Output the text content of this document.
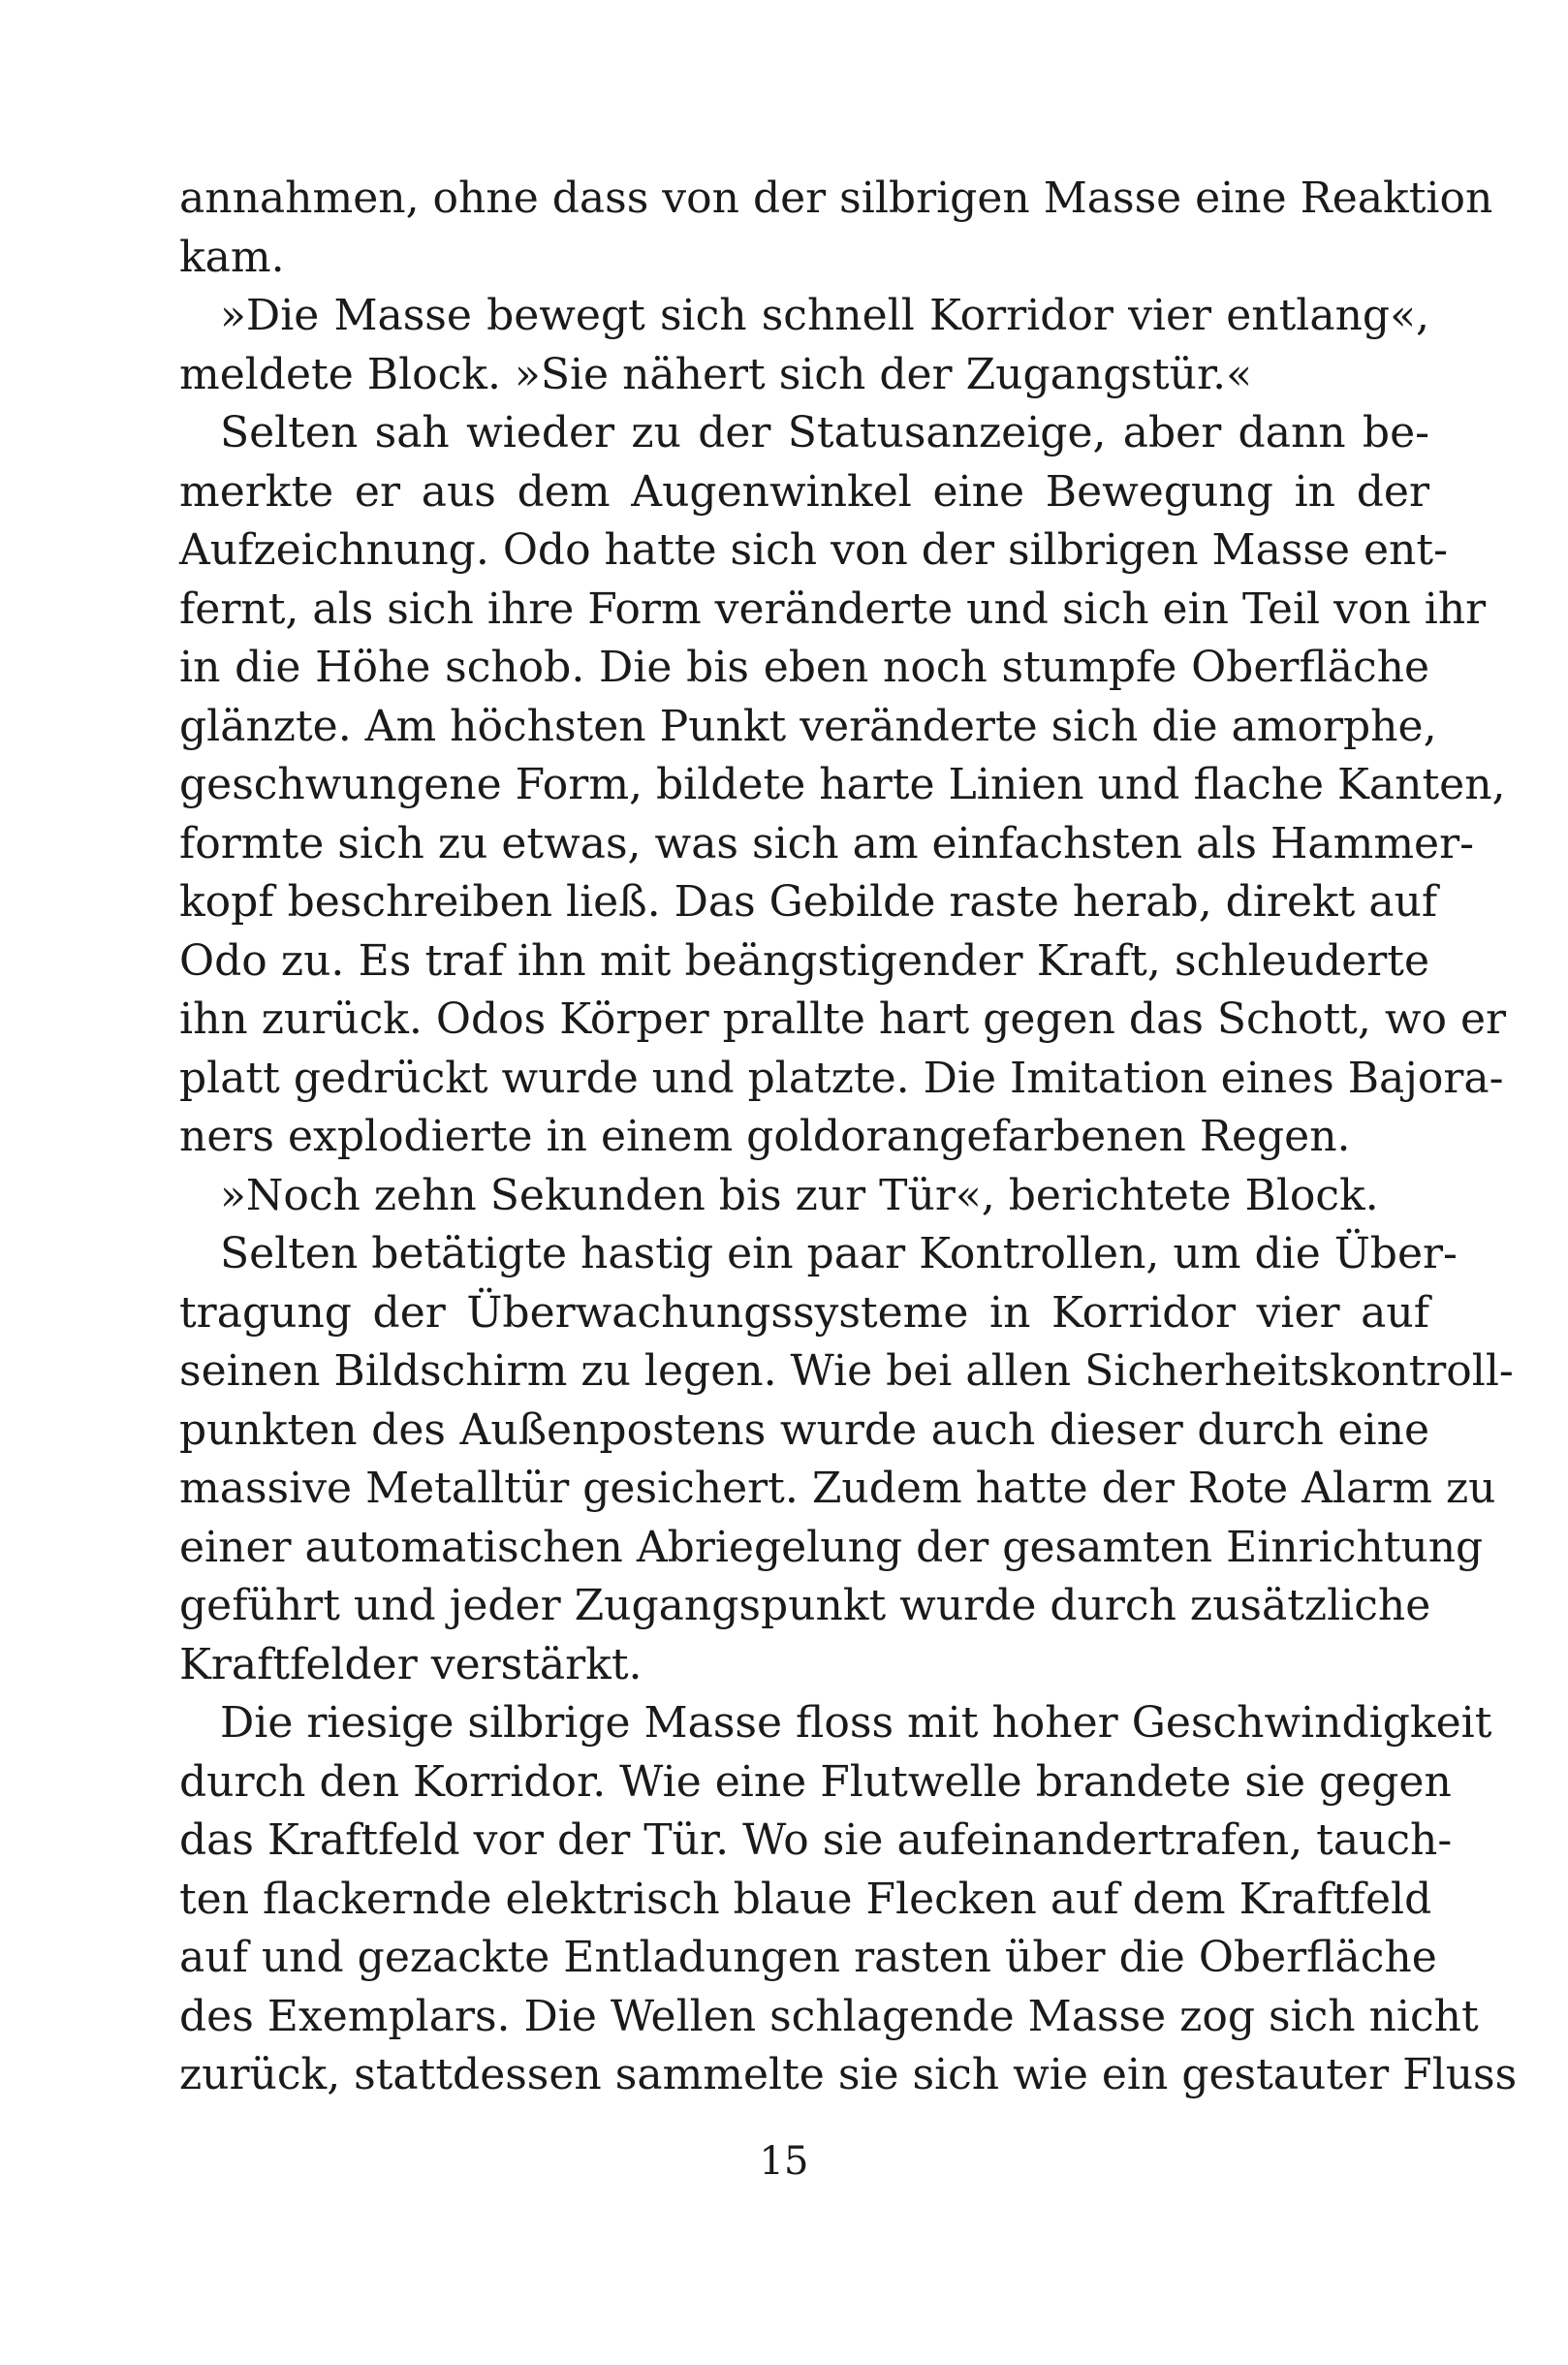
annahmen, ohne dass von der silbrigen Masse eine Reaktion
kam.
»Die Masse bewegt sich schnell Korridor vier entlang«,
meldete Block. »Sie nähert sich der Zugangstür.«
Selten sah wieder zu der Statusanzeige, aber dann be-
merkte er aus dem Augenwinkel eine Bewegung in der
Aufzeichnung. Odo hatte sich von der silbrigen Masse ent-
fernt, als sich ihre Form veränderte und sich ein Teil von ihr
in die Höhe schob. Die bis eben noch stumpfe Oberfläche
glänzte. Am höchsten Punkt veränderte sich die amorphe,
geschwungene Form, bildete harte Linien und flache Kanten,
formte sich zu etwas, was sich am einfachsten als Hammer-
kopf beschreiben ließ. Das Gebilde raste herab, direkt auf
Odo zu. Es traf ihn mit beängstigender Kraft, schleuderte
ihn zurück. Odos Körper prallte hart gegen das Schott, wo er
platt gedrückt wurde und platzte. Die Imitation eines Bajora-
ners explodierte in einem goldorangefarbenen Regen.
»Noch zehn Sekunden bis zur Tür«, berichtete Block.
Selten betätigte hastig ein paar Kontrollen, um die Über-
tragung der Überwachungssysteme in Korridor vier auf
seinen Bildschirm zu legen. Wie bei allen Sicherheitskontroll-
punkten des Außenpostens wurde auch dieser durch eine
massive Metalltür gesichert. Zudem hatte der Rote Alarm zu
einer automatischen Abriegelung der gesamten Einrichtung
geführt und jeder Zugangspunkt wurde durch zusätzliche
Kraftfelder verstärkt.
Die riesige silbrige Masse floss mit hoher Geschwindigkeit
durch den Korridor. Wie eine Flutwelle brandete sie gegen
das Kraftfeld vor der Tür. Wo sie aufeinandertrafen, tauch-
ten flackernde elektrisch blaue Flecken auf dem Kraftfeld
auf und gezackte Entladungen rasten über die Oberfläche
des Exemplars. Die Wellen schlagende Masse zog sich nicht
zurück, stattdessen sammelte sie sich wie ein gestauter Fluss
15
